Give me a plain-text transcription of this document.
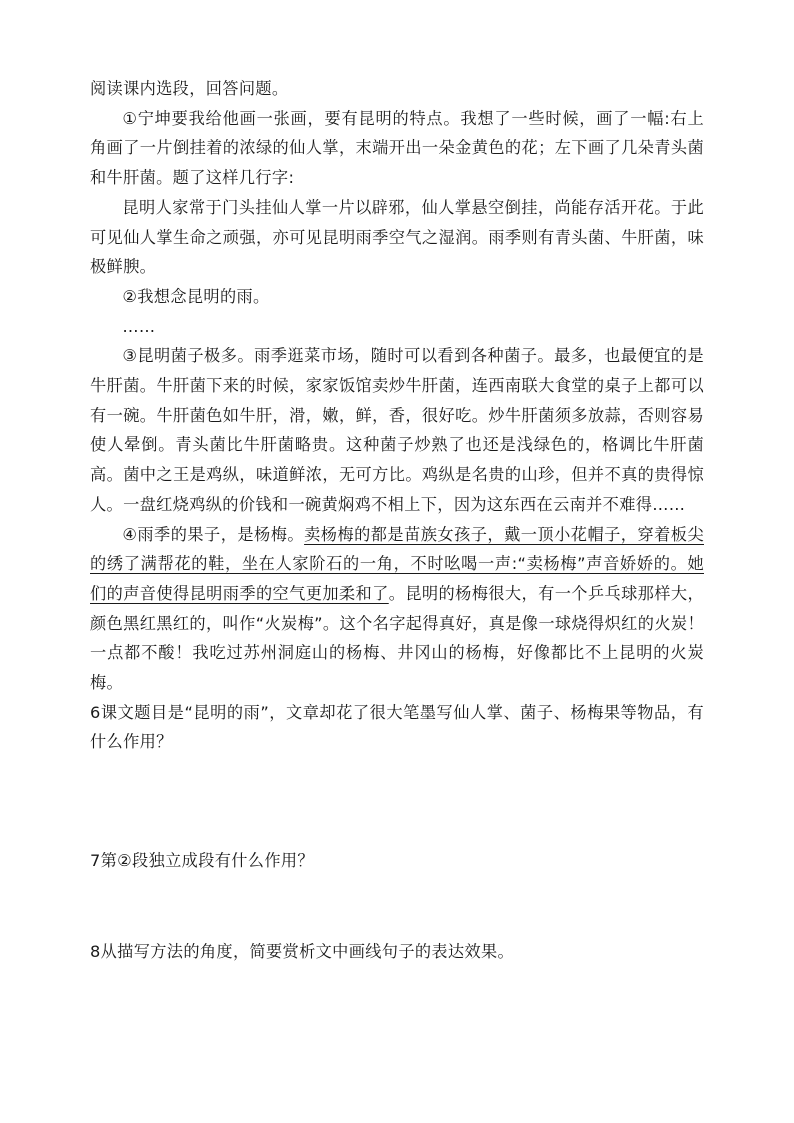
阅读课内选段，回答问题。

①宁坤要我给他画一张画，要有昆明的特点。我想了一些时候，画了一幅:右上角画了一片倒挂着的浓绿的仙人掌，末端开出一朵金黄色的花；左下画了几朵青头菌和牛肝菌。题了这样几行字:

昆明人家常于门头挂仙人掌一片以辟邪，仙人掌悬空倒挂，尚能存活开花。于此可见仙人掌生命之顽强，亦可见昆明雨季空气之湿润。雨季则有青头菌、牛肝菌，味极鲜腴。

②我想念昆明的雨。

……

③昆明菌子极多。雨季逛菜市场，随时可以看到各种菌子。最多，也最便宜的是牛肝菌。牛肝菌下来的时候，家家饭馆卖炒牛肝菌，连西南联大食堂的桌子上都可以有一碗。牛肝菌色如牛肝，滑，嫩，鲜，香，很好吃。炒牛肝菌须多放蒜，否则容易使人晕倒。青头菌比牛肝菌略贵。这种菌子炒熟了也还是浅绿色的，格调比牛肝菌高。菌中之王是鸡纵，味道鲜浓，无可方比。鸡纵是名贵的山珍，但并不真的贵得惊人。一盘红烧鸡纵的价钱和一碗黄焖鸡不相上下，因为这东西在云南并不难得……

④雨季的果子，是杨梅。卖杨梅的都是苗族女孩子，戴一顶小花帽子，穿着板尖的绣了满帮花的鞋，坐在人家阶石的一角，不时吆喝一声:“卖杨梅”声音娇娇的。她们的声音使得昆明雨季的空气更加柔和了。昆明的杨梅很大，有一个乒乓球那样大，颜色黑红黑红的，叫作“火炭梅”。这个名字起得真好，真是像一球烧得炽红的火炭！一点都不酸！我吃过苏州洞庭山的杨梅、井冈山的杨梅，好像都比不上昆明的火炭梅。

6课文题目是“昆明的雨”，文章却花了很大笔墨写仙人掌、菌子、杨梅果等物品，有什么作用？

7第②段独立成段有什么作用？

8从描写方法的角度，简要赏析文中画线句子的表达效果。
